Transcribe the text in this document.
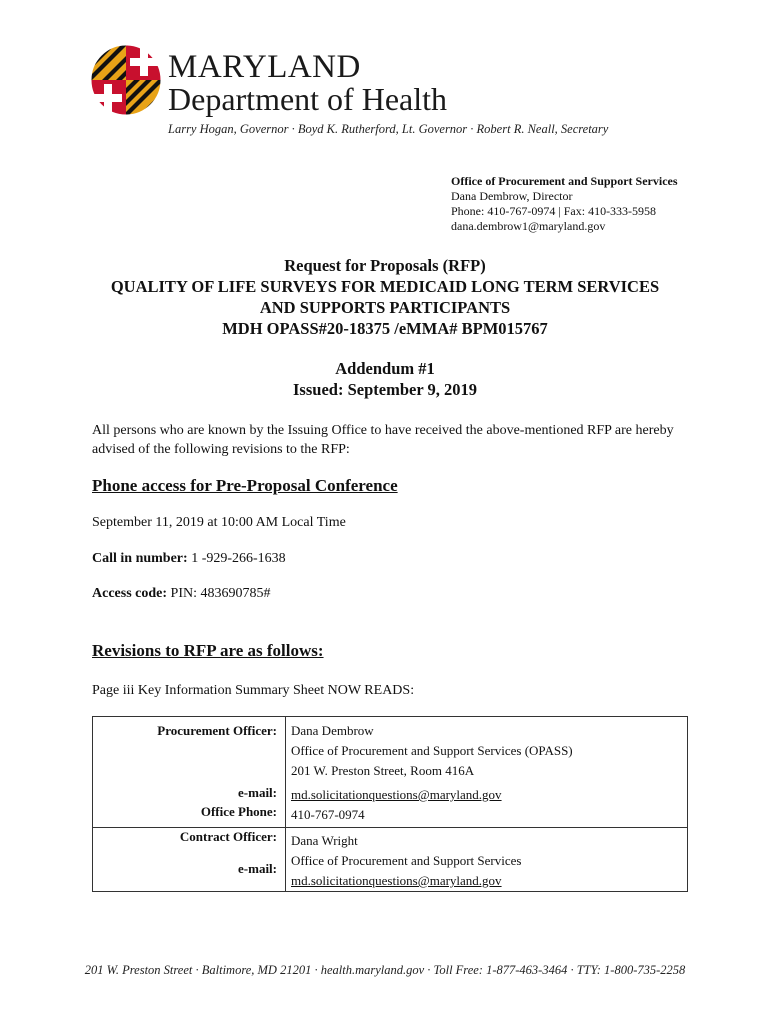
MARYLAND
Department of Health
Larry Hogan, Governor · Boyd K. Rutherford, Lt. Governor · Robert R. Neall, Secretary
Office of Procurement and Support Services
Dana Dembrow, Director
Phone: 410-767-0974 | Fax: 410-333-5958
dana.dembrow1@maryland.gov
Request for Proposals (RFP)
QUALITY OF LIFE SURVEYS FOR MEDICAID LONG TERM SERVICES
AND SUPPORTS PARTICIPANTS
MDH OPASS#20-18375 /eMMA# BPM015767
Addendum #1
Issued: September 9, 2019
All persons who are known by the Issuing Office to have received the above-mentioned RFP are hereby advised of the following revisions to the RFP:
Phone access for Pre-Proposal Conference
September 11, 2019 at 10:00 AM Local Time
Call in number: 1 -929-266-1638
Access code: PIN: 483690785#
Revisions to RFP are as follows:
Page iii Key Information Summary Sheet NOW READS:
Procurement Officer: Dana Dembrow
Office of Procurement and Support Services (OPASS)
201 W. Preston Street, Room 416A
e-mail: md.solicitationquestions@maryland.gov
Office Phone: 410-767-0974
Contract Officer: Dana Wright
e-mail:
Office of Procurement and Support Services
md.solicitationquestions@maryland.gov
201 W. Preston Street · Baltimore, MD 21201 · health.maryland.gov · Toll Free: 1-877-463-3464 · TTY: 1-800-735-2258
